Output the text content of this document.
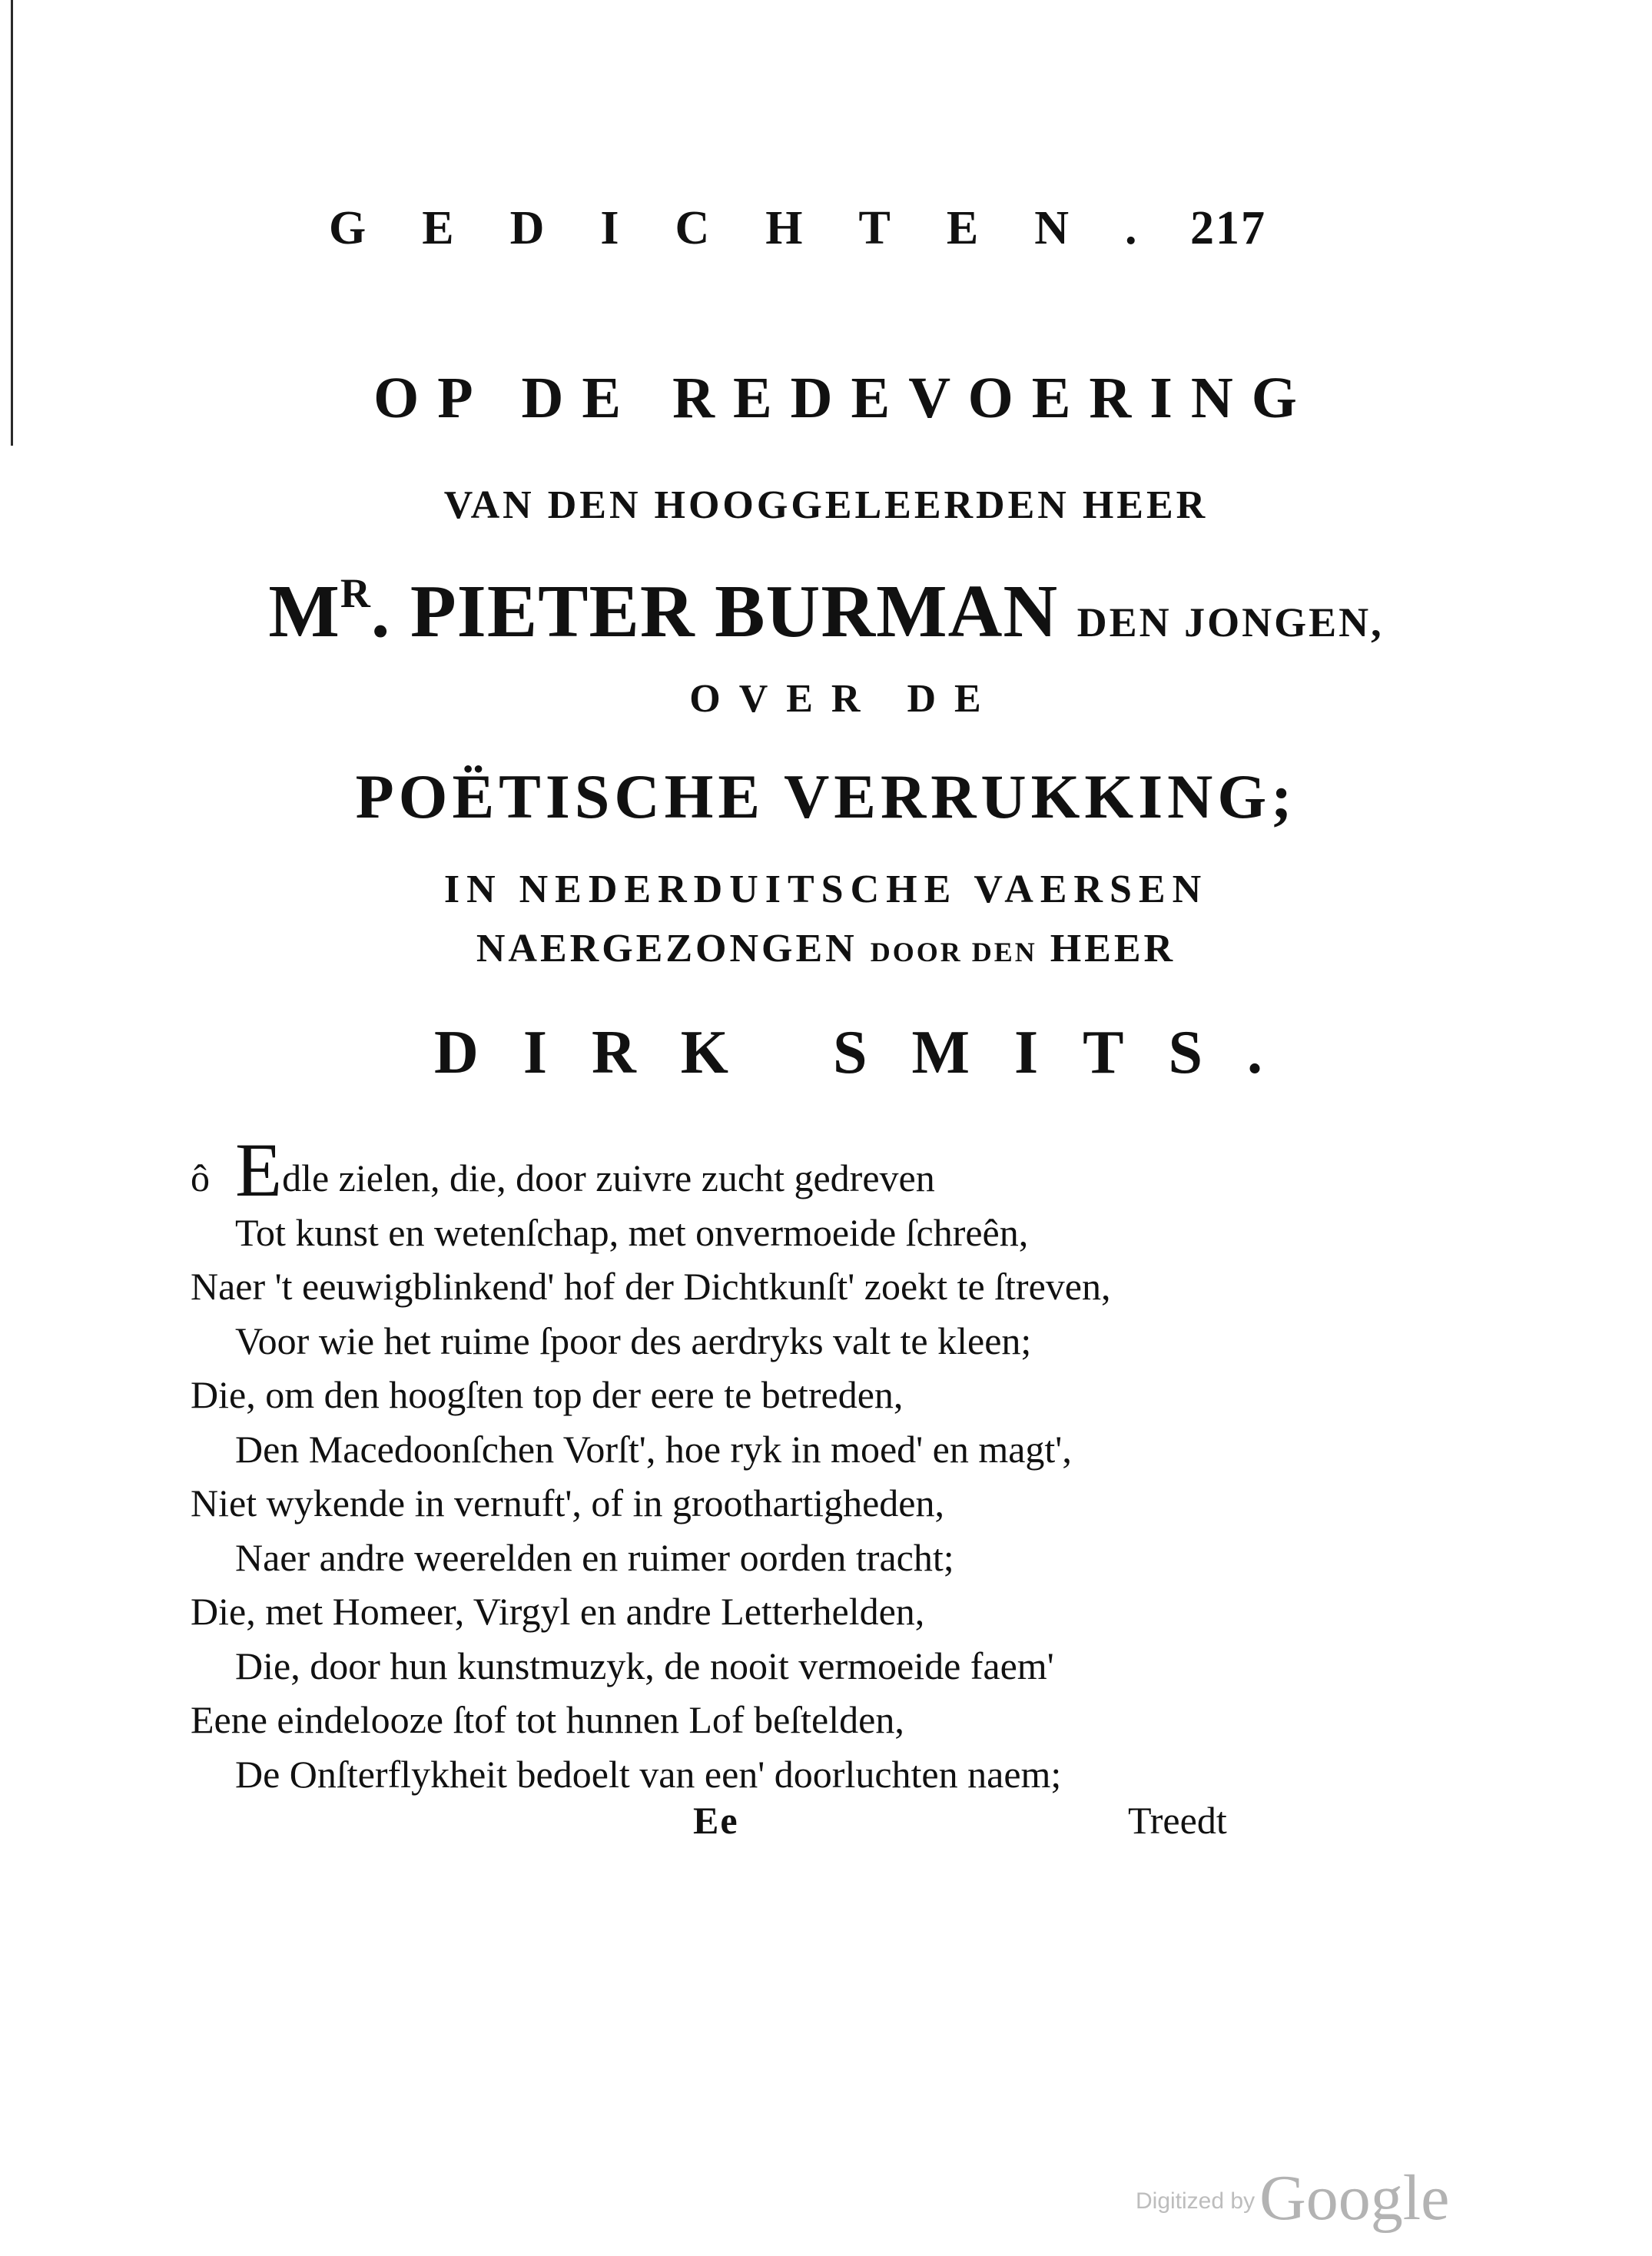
GEDICHTEN.
217
OP DE REDEVOERING
VAN DEN HOOGGELEERDEN HEER
$M^R$. PIETER BURMAN DEN JONGEN,
OVER DE
POËTISCHE VERRUKKING;
IN NEDERDUITSCHE VAERSEN
NAERGEZONGEN DOOR DEN HEER
DIRK SMITS.
ô Edle zielen, die, door zuivre zucht gedreven
Tot kunst en wetenſchap, met onvermoeide ſchreên,
Naer 't eeuwigblinkend' hof der Dichtkunſt' zoekt te ſtreven,
Voor wie het ruime ſpoor des aerdryks valt te kleen;
Die, om den hoogſten top der eere te betreden,
Den Macedoonſchen Vorſt', hoe ryk in moed' en magt',
Niet wykende in vernuft', of in groothartigheden,
Naer andre weerelden en ruimer oorden tracht;
Die, met Homeer, Virgyl en andre Letterhelden,
Die, door hun kunstmuzyk, de nooit vermoeide faem'
Eene eindelooze ſtof tot hunnen Lof beſtelden,
De Onſterflykheit bedoelt van een' doorluchten naem;
Ee	Treedt
Digitized byGoogle
